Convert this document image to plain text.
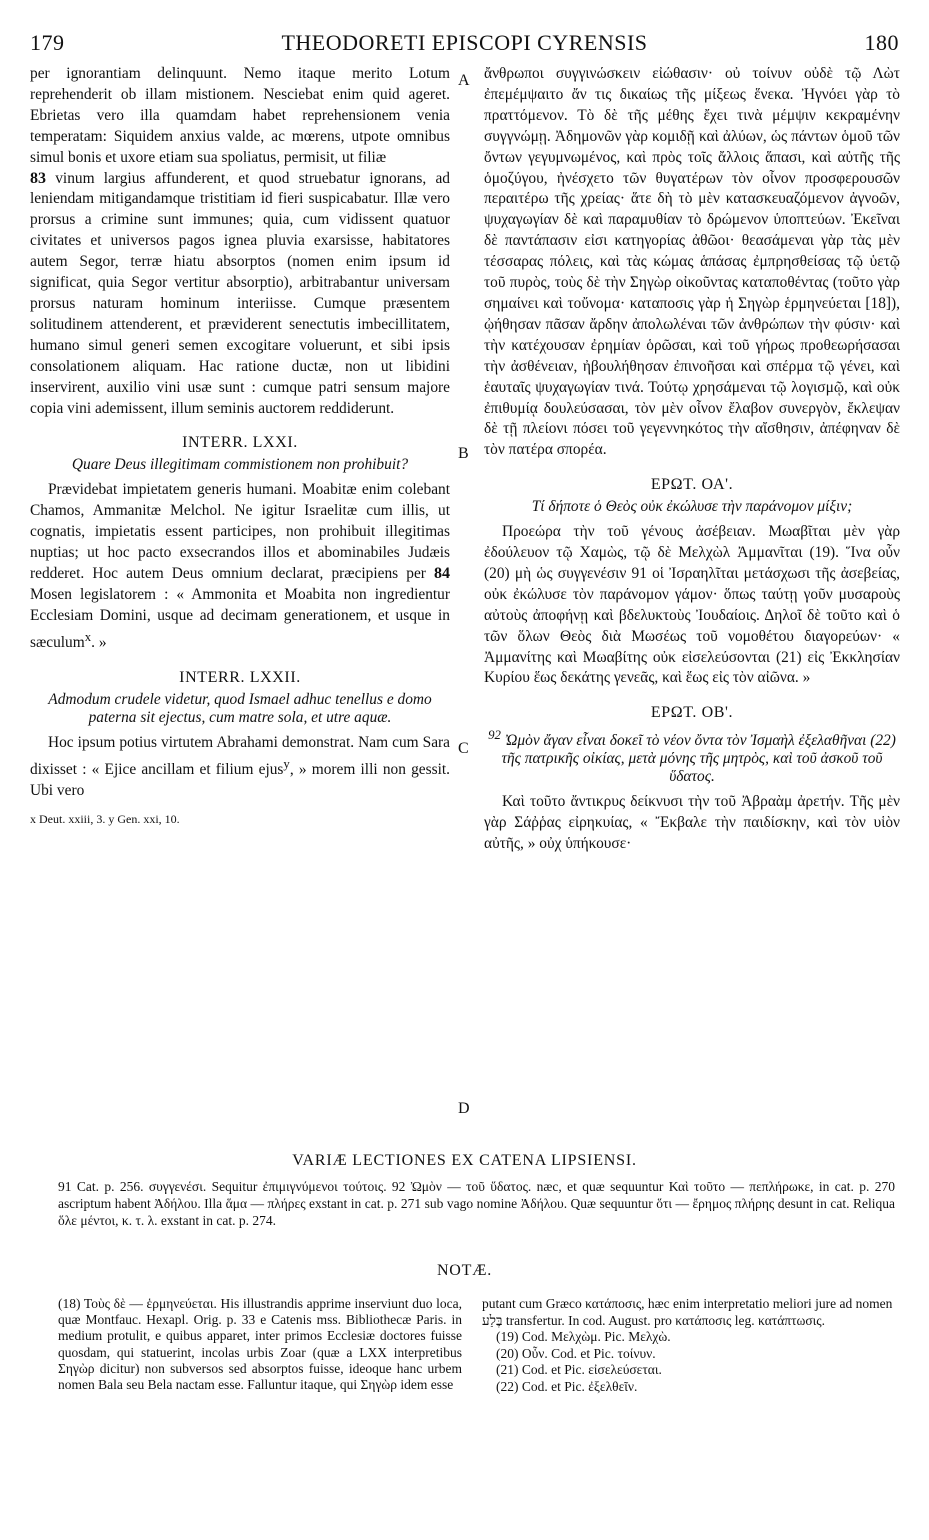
179	THEODORETI EPISCOPI CYRENSIS	180
A
B
C
D

per ignorantiam delinquunt. Nemo itaque merito Lotum reprehenderit ob illam mistionem. Nesciebat enim quid ageret. Ebrietas vero illa quamdam habet reprehensionem venia temperatam: Siquidem anxius valde, ac mœrens, utpote omnibus simul bonis et uxore etiam sua spoliatus, permisit, ut filiæ

83 vinum largius affunderent, et quod struebatur ignorans, ad leniendam mitigandamque tristitiam id fieri suspicabatur. Illæ vero prorsus a crimine sunt immunes; quia, cum vidissent quatuor civitates et universos pagos ignea pluvia exarsisse, habitatores autem Segor, terræ hiatu absorptos (nomen enim ipsum id significat, quia Segor vertitur absorptio), arbitrabantur universam prorsus naturam hominum interiisse. Cumque præsentem solitudinem attenderent, et præviderent senectutis imbecillitatem, humano simul generi semen excogitare voluerunt, et sibi ipsis consolationem aliquam. Hac ratione ductæ, non ut libidini inservirent, auxilio vini usæ sunt : cumque patri sensum majore copia vini ademissent, illum seminis auctorem reddiderunt.

INTERR. LXXI.
Quare Deus illegitimam commistionem non prohibuit?

Prævidebat impietatem generis humani. Moabitæ enim colebant Chamos, Ammanitæ Melchol. Ne igitur Israelitæ cum illis, ut cognatis, impietatis essent participes, non prohibuit illegitimas nuptias; ut hoc pacto exsecrandos illos et abominabiles Judæis redderet. Hoc autem Deus omnium declarat, præcipiens per 84 Mosen legislatorem : « Ammonita et Moabita non ingredientur Ecclesiam Domini, usque ad decimam generationem, et usque in sæculum$^x$. »

INTERR. LXXII.
Admodum crudele videtur, quod Ismael adhuc tenellus e domo paterna sit ejectus, cum matre sola, et utre aquæ.

Hoc ipsum potius virtutem Abrahami demonstrat. Nam cum Sara dixisset : « Ejice ancillam et filium ejus$^y$, » morem illi non gessit. Ubi vero

x Deut. xxiii, 3. y Gen. xxi, 10.

ἄνθρωποι συγγινώσκειν εἰώθασιν· οὐ τοίνυν οὐδὲ τῷ Λὼτ ἐπεμέμψαιτο ἄν τις δικαίως τῆς μίξεως ἕνεκα. Ἠγνόει γὰρ τὸ πραττόμενον. Τὸ δὲ τῆς μέθης ἔχει τινὰ μέμψιν κεκραμένην συγγνώμῃ. Ἀδημονῶν γὰρ κομιδῇ καὶ ἀλύων, ὡς πάντων ὁμοῦ τῶν ὄντων γεγυμνωμένος, καὶ πρὸς τοῖς ἄλλοις ἅπασι, καὶ αὐτῆς τῆς ὁμοζύγου, ἠνέσχετο τῶν θυγατέρων τὸν οἶνον προσφερουσῶν περαιτέρω τῆς χρείας· ἅτε δὴ τὸ μὲν κατασκευαζόμενον ἀγνοῶν, ψυχαγωγίαν δὲ καὶ παραμυθίαν τὸ δρώμενον ὑποπτεύων. Ἐκεῖναι δὲ παντάπασιν εἰσι κατηγορίας ἀθῶοι· θεασάμεναι γὰρ τὰς μὲν τέσσαρας πόλεις, καὶ τὰς κώμας ἁπάσας ἐμπρησθείσας τῷ ὑετῷ τοῦ πυρὸς, τοὺς δὲ τὴν Σηγὼρ οἰκοῦντας καταποθέντας (τοῦτο γὰρ σημαίνει καὶ τοὔνομα· καταποσις γὰρ ἡ Σηγὼρ ἑρμηνεύεται [18]), ᾠήθησαν πᾶσαν ἄρδην ἀπολωλέναι τῶν ἀνθρώπων τὴν φύσιν· καὶ τὴν κατέχουσαν ἐρημίαν ὁρῶσαι, καὶ τοῦ γήρως προθεωρήσασαι τὴν ἀσθένειαν, ἠβουλήθησαν ἐπινοῆσαι καὶ σπέρμα τῷ γένει, καὶ ἑαυταῖς ψυχαγωγίαν τινά. Τούτῳ χρησάμεναι τῷ λογισμῷ, καὶ οὐκ ἐπιθυμίᾳ δουλεύσασαι, τὸν μὲν οἶνον ἔλαβον συνεργὸν, ἔκλεψαν δὲ τῇ πλείονι πόσει τοῦ γεγεννηκότος τὴν αἴσθησιν, ἀπέφηναν δὲ τὸν πατέρα σπορέα.

ΕΡΩΤ. ΟΑ'.
Τί δήποτε ὁ Θεὸς οὐκ ἐκώλυσε τὴν παράνομον μίξιν;

Προεώρα τὴν τοῦ γένους ἀσέβειαν. Μωαβῖται μὲν γὰρ ἐδούλευον τῷ Χαμὼς, τῷ δὲ Μελχὼλ Ἀμμανῖται (19). Ἵνα οὖν (20) μὴ ὡς συγγενέσιν 91 οἱ Ἰσραηλῖται μετάσχωσι τῆς ἀσεβείας, οὐκ ἐκώλυσε τὸν παράνομον γάμον· ὅπως ταύτῃ γοῦν μυσαροὺς αὐτοὺς ἀποφήνῃ καὶ βδελυκτοὺς Ἰουδαίοις. Δηλοῖ δὲ τοῦτο καὶ ὁ τῶν ὅλων Θεὸς διὰ Μωσέως τοῦ νομοθέτου διαγορεύων· « Ἀμμανίτης καὶ Μωαβίτης οὐκ εἰσελεύσονται (21) εἰς Ἐκκλησίαν Κυρίου ἕως δεκάτης γενεᾶς, καὶ ἕως εἰς τὸν αἰῶνα. »

ΕΡΩΤ. ΟΒ'.
$^{92}$ Ὠμὸν ἄγαν εἶναι δοκεῖ τὸ νέον ὄντα τὸν Ἰσμαὴλ ἐξελαθῆναι (22) τῆς πατρικῆς οἰκίας, μετὰ μόνης τῆς μητρὸς, καὶ τοῦ ἀσκοῦ τοῦ ὕδατος.

Καὶ τοῦτο ἄντικρυς δείκνυσι τὴν τοῦ Ἀβραὰμ ἀρετήν. Τῆς μὲν γὰρ Σάῤῥας εἰρηκυίας, « Ἔκβαλε τὴν παιδίσκην, καὶ τὸν υἱὸν αὐτῆς, » οὐχ ὑπήκουσε·

VARIÆ LECTIONES EX CATENA LIPSIENSI.
91 Cat. p. 256. συγγενέσι. Sequitur ἐπιμιγνύμενοι τούτοις. 92 Ὠμὸν — τοῦ ὕδατος. næc, et quæ sequuntur Καὶ τοῦτο — πεπλήρωκε, in cat. p. 270 ascriptum habent Ἀδήλου. Illa ἅμα — πλήρες exstant in cat. p. 271 sub vago nomine Ἀδήλου. Quæ sequuntur ὅτι — ἔρημος πλήρης desunt in cat. Reliqua ὅλε μέντοι, κ. τ. λ. exstant in cat. p. 274.
NOTÆ.
(18) Τοὺς δὲ — ἑρμηνεύεται. His illustrandis apprime inserviunt duo loca, quæ Montfauc. Hexapl. Orig. p. 33 e Catenis mss. Bibliothecæ Paris. in medium protulit, e quibus apparet, inter primos Ecclesiæ doctores fuisse quosdam, qui statuerint, incolas urbis Zoar (quæ a LXX interpretibus Σηγὼρ dicitur) non subversos sed absorptos fuisse, ideoque hanc urbem nomen Bala seu Bela nactam esse. Falluntur itaque, qui Σηγὼρ idem esse
putant cum Græco κατάποσις, hæc enim interpretatio meliori jure ad nomen בֶּלַע transfertur. In cod. August. pro κατάποσις leg. κατάπτωσις.
(19) Cod. Μελχὼμ. Pic. Μελχὼ.
(20) Οὖν. Cod. et Pic. τοίνυν.
(21) Cod. et Pic. εἰσελεύσεται.
(22) Cod. et Pic. ἐξελθεῖν.
